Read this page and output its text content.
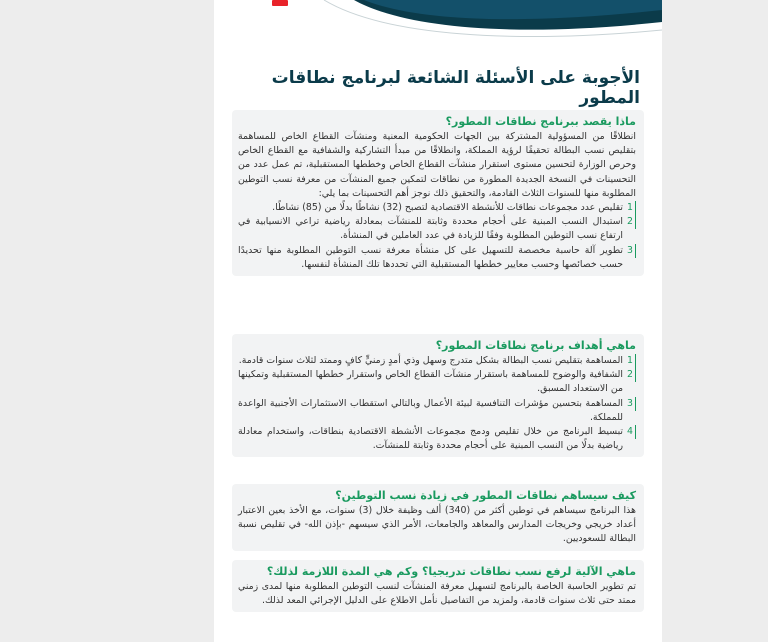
الأجوبة على الأسئلة الشائعة لبرنامج نطاقات المطور

ماذا يقصد ببرنامج نطاقات المطور؟

انطلاقًا من المسؤولية المشتركة بين الجهات الحكومية المعنية ومنشآت القطاع الخاص للمساهمة بتقليص نسب البطالة تحقيقًا لرؤية المملكة، وانطلاقًا من مبدأ التشاركية والشفافية مع القطاع الخاص وحرص الوزارة لتحسين مستوى استقرار منشآت القطاع الخاص وخططها المستقبلية، تم عمل عدد من التحسينات في النسخة الجديدة المطورة من نطاقات لتمكين جميع المنشآت من معرفة نسب التوطين المطلوبة منها للسنوات الثلاث القادمة، والتحقيق ذلك نوجز أهم التحسينات بما يلي:

1

تقليص عدد مجموعات نطاقات للأنشطة الاقتصادية لتصبح (32) نشاطًا بدلًا من (85) نشاطًا.

2

استبدال النسب المبنية على أحجام محددة وثابتة للمنشآت بمعادلة رياضية تراعي الانسيابية في ارتفاع نسب التوطين المطلوبة وفقًا للزيادة في عدد العاملين في المنشأة.

3

تطوير آلة حاسبة مخصصة للتسهيل على كل منشأة معرفة نسب التوطين المطلوبة منها تحديدًا حسب خصائصها وحسب معايير خططها المستقبلية التي تحددها تلك المنشأة لنفسها.

ماهي أهداف برنامج نطاقات المطور؟

1

المساهمة بتقليص نسب البطالة بشكل متدرج وسهل وذي أمدٍ زمنيٍّ كافٍ وممتد لثلاث سنوات قادمة.

2

الشفافية والوضوح للمساهمة باستقرار منشآت القطاع الخاص واستقرار خططها المستقبلية وتمكينها من الاستعداد المسبق.

3

المساهمة بتحسين مؤشرات التنافسية لبيئة الأعمال وبالتالي استقطاب الاستثمارات الأجنبية الواعدة للمملكة.

4

تبسيط البرنامج من خلال تقليص ودمج مجموعات الأنشطة الاقتصادية بنطاقات، واستخدام معادلة رياضية بدلًا من النسب المبنية على أحجام محددة وثابتة للمنشآت.

كيف سيساهم نطاقات المطور في زيادة نسب التوطين؟

هذا البرنامج سيساهم في توطين أكثر من (340) ألف وظيفة خلال (3) سنوات، مع الأخذ بعين الاعتبار أعداد خريجي وخريجات المدارس والمعاهد والجامعات، الأمر الذي سيسهم -بإذن الله- في تقليص نسبة البطالة للسعوديين.

ماهي الآلية لرفع نسب نطاقات تدريجيا؟ وكم هي المدة اللازمة لذلك؟

تم تطوير الحاسبة الخاصة بالبرنامج لتسهيل معرفة المنشآت لنسب التوطين المطلوبة منها لمدى زمني ممتد حتى ثلاث سنوات قادمة، ولمزيد من التفاصيل نأمل الاطلاع على الدليل الإجرائي المعد لذلك.
